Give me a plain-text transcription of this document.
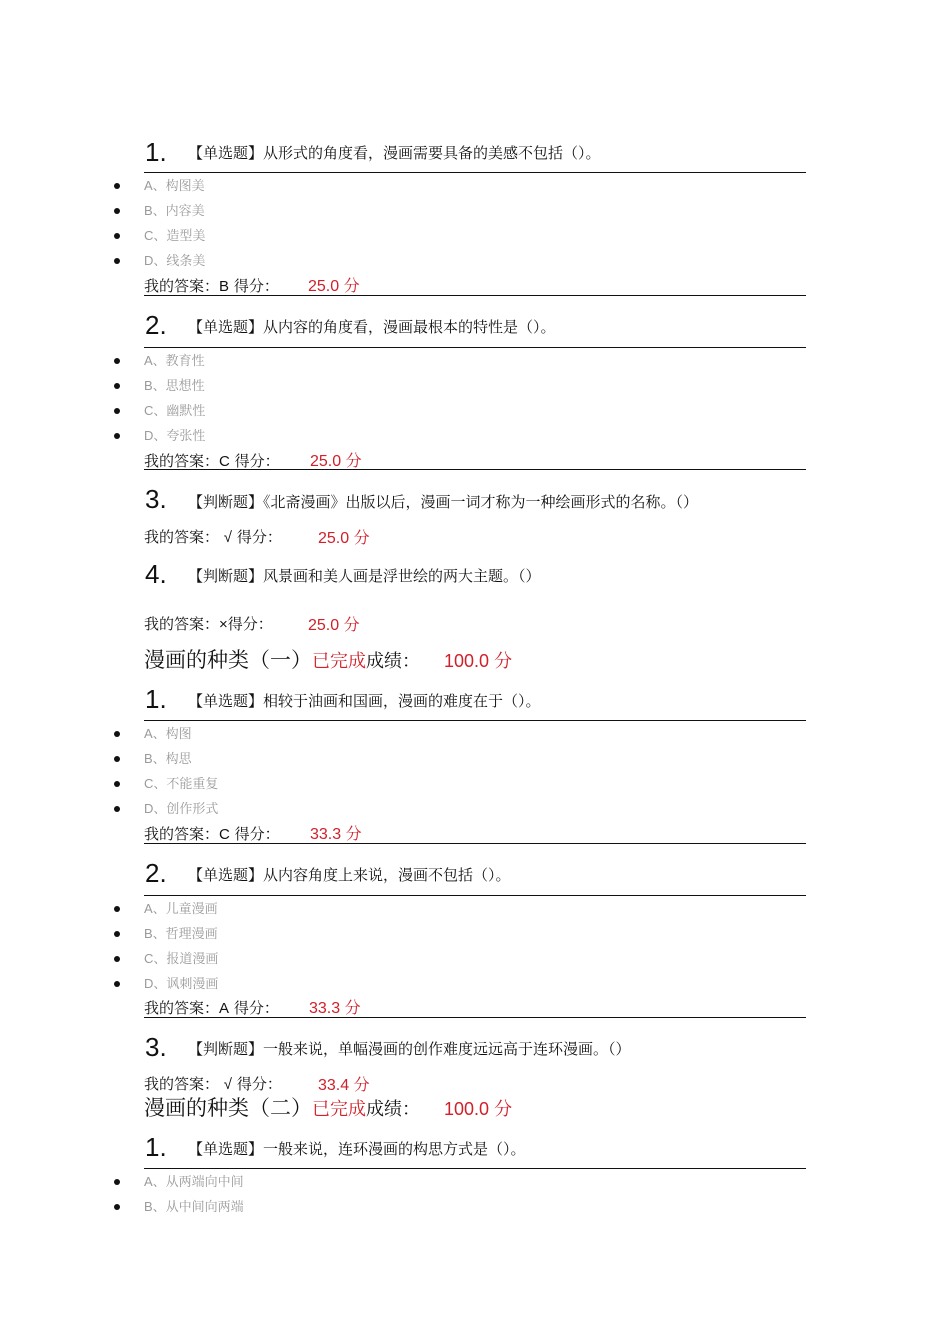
1. 【单选题】从形式的角度看，漫画需要具备的美感不包括（）。
A、构图美
B、内容美
C、造型美
D、线条美
我的答案：B 得分： 25.0 分
2. 【单选题】从内容的角度看，漫画最根本的特性是（）。
A、教育性
B、思想性
C、幽默性
D、夸张性
我的答案：C 得分： 25.0 分
3. 【判断题】《北斋漫画》出版以后，漫画一词才称为一种绘画形式的名称。（）
我的答案： √ 得分： 25.0 分
4. 【判断题】风景画和美人画是浮世绘的两大主题。（）
我的答案：×得分： 25.0 分
漫画的种类（一）已完成成绩： 100.0 分
1. 【单选题】相较于油画和国画，漫画的难度在于（）。
A、构图
B、构思
C、不能重复
D、创作形式
我的答案：C 得分： 33.3 分
2. 【单选题】从内容角度上来说，漫画不包括（）。
A、儿童漫画
B、哲理漫画
C、报道漫画
D、讽刺漫画
我的答案：A 得分： 33.3 分
3. 【判断题】一般来说，单幅漫画的创作难度远远高于连环漫画。（）
我的答案： √ 得分： 33.4 分
漫画的种类（二）已完成成绩： 100.0 分
1. 【单选题】一般来说，连环漫画的构思方式是（）。
A、从两端向中间
B、从中间向两端
